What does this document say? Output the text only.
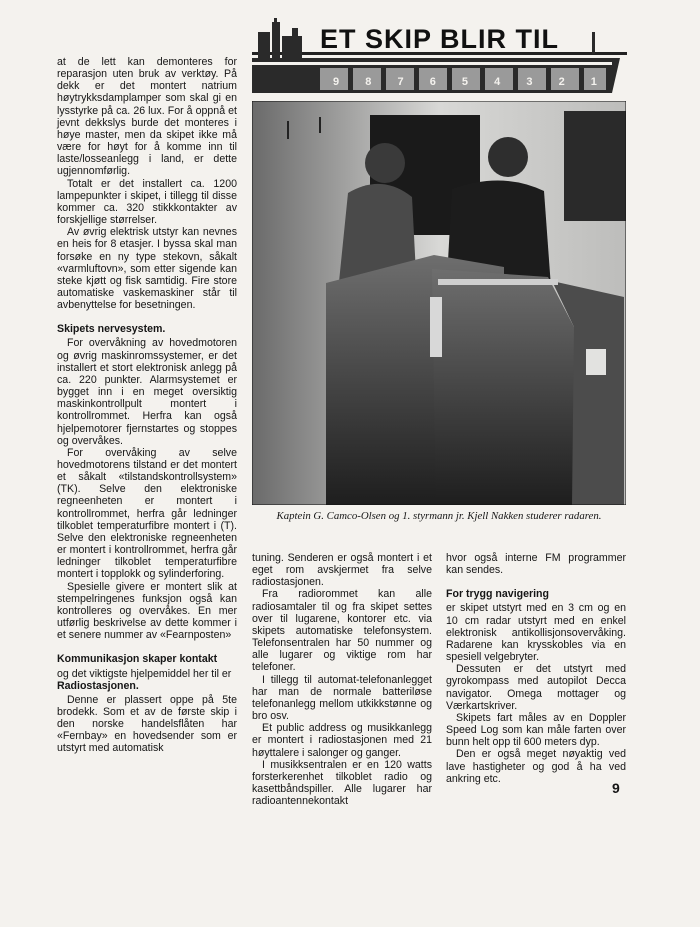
ET SKIP BLIR TIL
9 8 7 6 5 4 3 2 1
Kaptein G. Camco-Olsen og 1. styrmann jr. Kjell Nakken studerer radaren.

at de lett kan demonteres for reparasjon uten bruk av verktøy. På dekk er det montert natrium høytrykksdamplamper som skal gi en lysstyrke på ca. 26 lux. For å oppnå et jevnt dekkslys burde det monteres i høye master, men da skipet ikke må være for høyt for å komme inn til laste/losseanlegg i land, er dette ugjennomførlig.

Totalt er det installert ca. 1200 lampepunkter i skipet, i tillegg til disse kommer ca. 320 stikkkontakter av forskjellige størrelser.

Av øvrig elektrisk utstyr kan nevnes en heis for 8 etasjer. I byssa skal man forsøke en ny type stekovn, såkalt «varmluftovn», som etter sigende kan steke kjøtt og fisk samtidig. Fire store automatiske vaskemaskiner står til avbenyttelse for besetningen.

Skipets nervesystem.

For overvåkning av hovedmotoren og øvrig maskinromssystemer, er det installert et stort elektronisk anlegg på ca. 220 punkter. Alarmsystemet er bygget inn i en meget oversiktig maskinkontrollpult montert i kontrollrommet. Herfra kan også hjelpemotorer fjernstartes og stoppes og overvåkes.

For overvåking av selve hovedmotorens tilstand er det montert et såkalt «tilstandskontrollsystem» (TK). Selve den elektroniske regneenheten er montert i kontrollrommet, herfra går ledninger tilkoblet temperaturfibre montert i (T). Selve den elektroniske regneenheten er montert i kontrollrommet, herfra går ledninger tilkoblet temperaturfibre montert i topplokk og sylinderforing.

Spesielle givere er montert slik at stempelringenes funksjon også kan kontrolleres og overvåkes. En mer utførlig beskrivelse av dette kommer i et senere nummer av «Fearnposten»

Kommunikasjon skaper kontakt

og det viktigste hjelpemiddel her til er

Radiostasjonen.

Denne er plassert oppe på 5te brodekk. Som et av de første skip i den norske handelsflåten har «Fernbay» en hovedsender som er utstyrt med automatisk

tuning. Senderen er også montert i et eget rom avskjermet fra selve radiostasjonen.

Fra radiorommet kan alle radiosamtaler til og fra skipet settes over til lugarene, kontorer etc. via skipets automatiske telefonsystem. Telefonsentralen har 50 nummer og alle lugarer og viktige rom har telefoner.

I tillegg til automat-telefonanlegget har man de normale batteriløse telefonanlegg mellom utkikkstønne og bro osv.

Et public address og musikkanlegg er montert i radiostasjonen med 21 høyttalere i salonger og ganger.

I musikksentralen er en 120 watts forsterkerenhet tilkoblet radio og kasettbåndspiller. Alle lugarer har radioantennekontakt

hvor også interne FM programmer kan sendes.

For trygg navigering

er skipet utstyrt med en 3 cm og en 10 cm radar utstyrt med en enkel elektronisk antikollisjonsovervåking. Radarene kan krysskobles via en spesiell velgebryter.

Dessuten er det utstyrt med gyrokompass med autopilot Decca navigator. Omega mottager og Værkartskriver.

Skipets fart måles av en Doppler Speed Log som kan måle farten over bunn helt opp til 600 meters dyp.

Den er også meget nøyaktig ved lave hastigheter og god å ha ved ankring etc.

9
